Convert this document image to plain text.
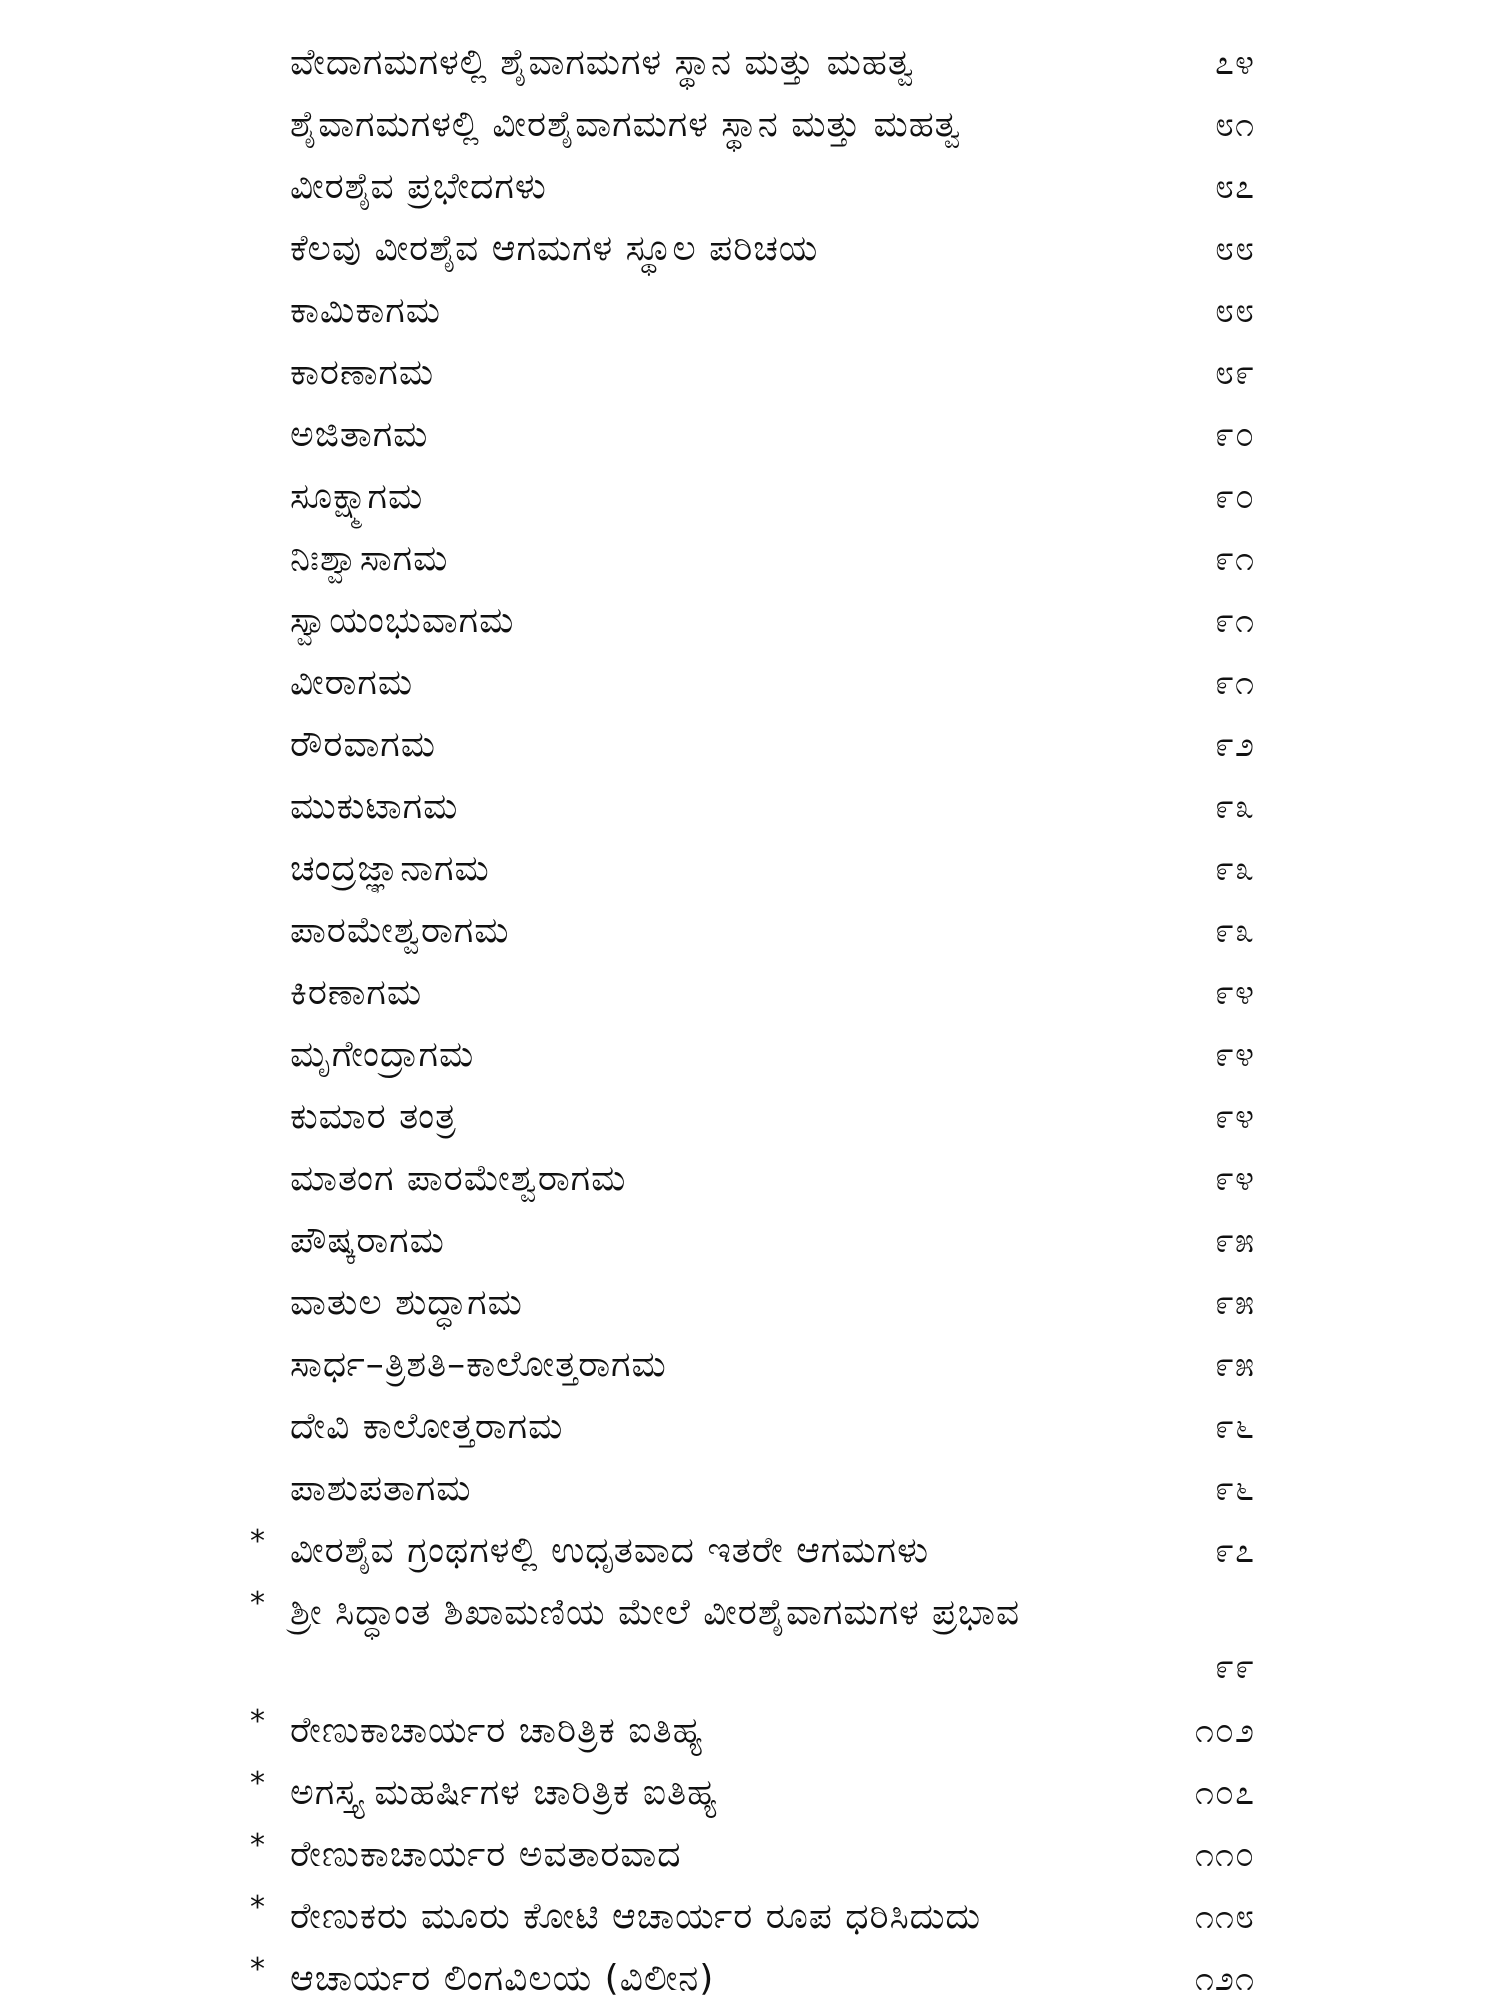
ವೇದಾಗಮಗಳಲ್ಲಿ ಶೈವಾಗಮಗಳ ಸ್ಥಾನ ಮತ್ತು ಮಹತ್ವ	೭೪
ಶೈವಾಗಮಗಳಲ್ಲಿ ವೀರಶೈವಾಗಮಗಳ ಸ್ಥಾನ ಮತ್ತು ಮಹತ್ವ	೮೧
ವೀರಶೈವ ಪ್ರಭೇದಗಳು	೮೭
ಕೆಲವು ವೀರಶೈವ ಆಗಮಗಳ ಸ್ಥೂಲ ಪರಿಚಯ	೮೮
ಕಾಮಿಕಾಗಮ	೮೮
ಕಾರಣಾಗಮ	೮೯
ಅಜಿತಾಗಮ	೯೦
ಸೂಕ್ಷ್ಮಾಗಮ	೯೦
ನಿಃಶ್ವಾಸಾಗಮ	೯೧
ಸ್ವಾಯಂಭುವಾಗಮ	೯೧
ವೀರಾಗಮ	೯೧
ರೌರವಾಗಮ	೯೨
ಮುಕುಟಾಗಮ	೯೩
ಚಂದ್ರಜ್ಞಾನಾಗಮ	೯೩
ಪಾರಮೇಶ್ವರಾಗಮ	೯೩
ಕಿರಣಾಗಮ	೯೪
ಮೃಗೇಂದ್ರಾಗಮ	೯೪
ಕುಮಾರ ತಂತ್ರ	೯೪
ಮಾತಂಗ ಪಾರಮೇಶ್ವರಾಗಮ	೯೪
ಪೌಷ್ಕರಾಗಮ	೯೫
ವಾತುಲ ಶುದ್ಧಾಗಮ	೯೫
ಸಾರ್ಧ–ತ್ರಿಶತಿ–ಕಾಲೋತ್ತರಾಗಮ	೯೫
ದೇವಿ ಕಾಲೋತ್ತರಾಗಮ	೯೬
ಪಾಶುಪತಾಗಮ	೯೬
* ವೀರಶೈವ ಗ್ರಂಥಗಳಲ್ಲಿ ಉಧೃತವಾದ ಇತರೇ ಆಗಮಗಳು	೯೭
* ಶ್ರೀ ಸಿದ್ಧಾಂತ ಶಿಖಾಮಣಿಯ ಮೇಲೆ ವೀರಶೈವಾಗಮಗಳ ಪ್ರಭಾವ
೯೯
* ರೇಣುಕಾಚಾರ್ಯರ ಚಾರಿತ್ರಿಕ ಐತಿಹ್ಯ	೧೦೨
* ಅಗಸ್ತ್ಯ ಮಹರ್ಷಿಗಳ ಚಾರಿತ್ರಿಕ ಐತಿಹ್ಯ	೧೦೭
* ರೇಣುಕಾಚಾರ್ಯರ ಅವತಾರವಾದ	೧೧೦
* ರೇಣುಕರು ಮೂರು ಕೋಟಿ ಆಚಾರ್ಯರ ರೂಪ ಧರಿಸಿದುದು	೧೧೮
* ಆಚಾರ್ಯರ ಲಿಂಗವಿಲಯ (ವಿಲೀನ)	೧೨೧
